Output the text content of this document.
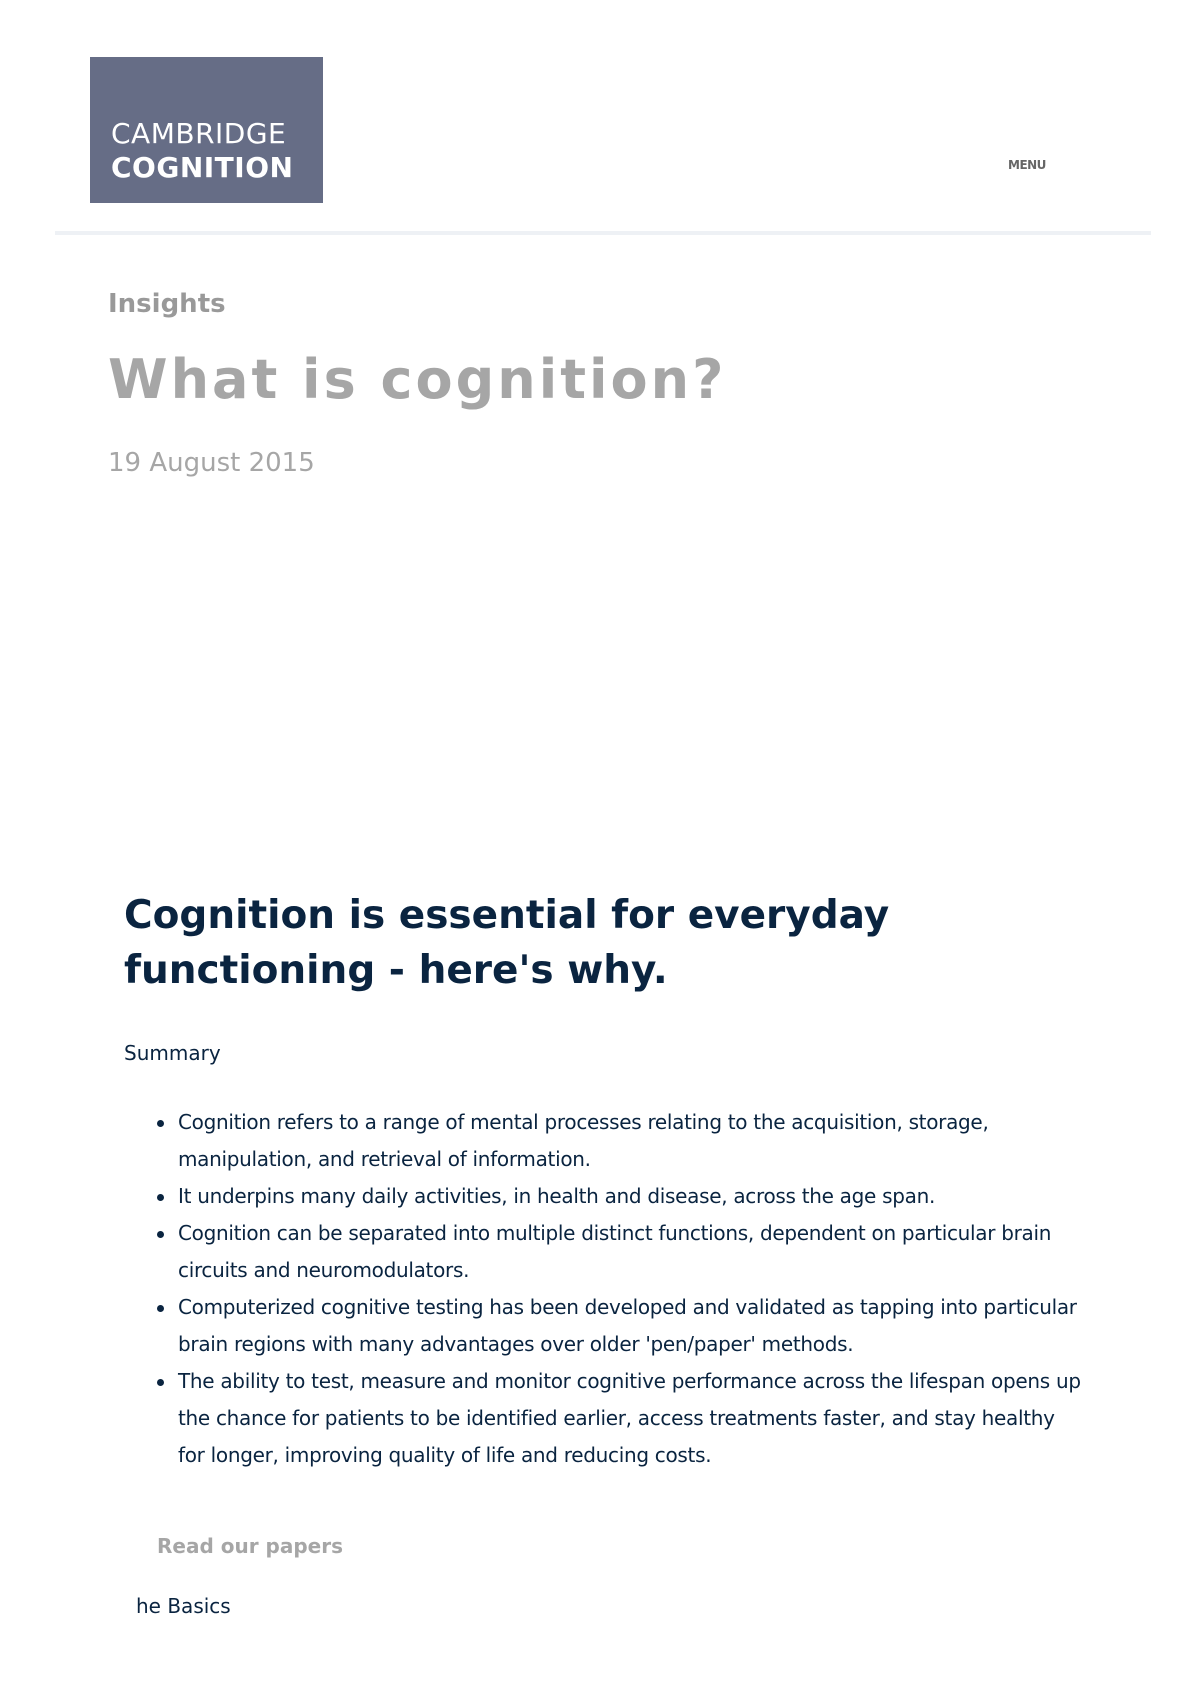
CAMBRIDGE
COGNITION	MENU
Insights
What is cognition?
19 August 2015
Cognition is essential for everyday functioning - here's why.
Summary
Cognition refers to a range of mental processes relating to the acquisition, storage, manipulation, and retrieval of information.
It underpins many daily activities, in health and disease, across the age span.
Cognition can be separated into multiple distinct functions, dependent on particular brain circuits and neuromodulators.
Computerized cognitive testing has been developed and validated as tapping into particular brain regions with many advantages over older 'pen/paper' methods.
The ability to test, measure and monitor cognitive performance across the lifespan opens up the chance for patients to be identified earlier, access treatments faster, and stay healthy for longer, improving quality of life and reducing costs.
Read our papers
he Basics
